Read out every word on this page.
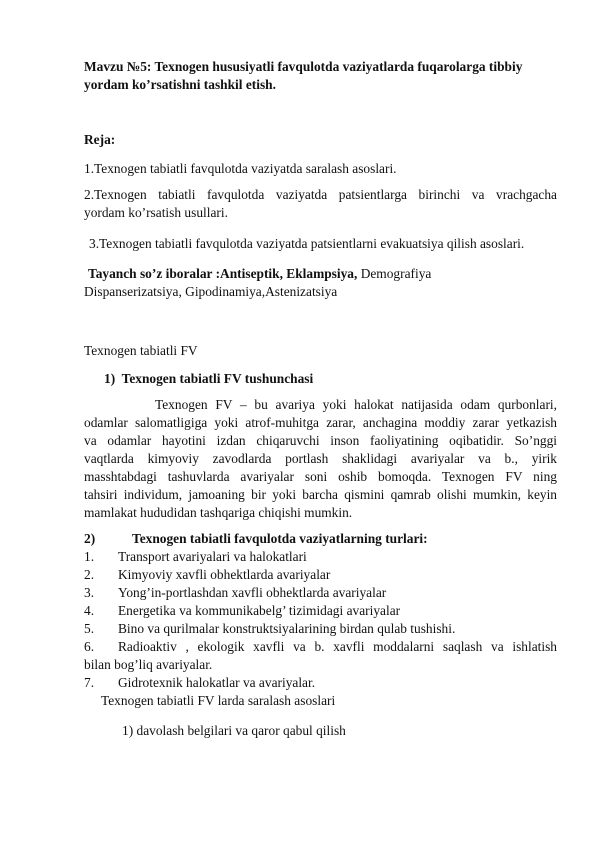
Mavzu №5: Texnogen hususiyatli favqulotda vaziyatlarda fuqarolarga tibbiy
yordam ko’rsatishni tashkil etish.
Reja:
1.Texnogen tabiatli favqulotda vaziyatda saralash asoslari.
2.Texnogen tabiatli favqulotda vaziyatda patsientlarga birinchi va vrachgacha
yordam ko’rsatish usullari.
3.Texnogen tabiatli favqulotda vaziyatda patsientlarni evakuatsiya qilish asoslari.
Tayanch so’z iboralar :Antiseptik, Eklampsiya, Demografiya
Dispanserizatsiya, Gipodinamiya,Astenizatsiya
Texnogen tabiatli FV
1) Texnogen tabiatli FV tushunchasi
Texnogen FV – bu avariya yoki halokat natijasida odam qurbonlari,
odamlar salomatligiga yoki atrof-muhitga zarar, anchagina moddiy zarar yetkazish
va odamlar hayotini izdan chiqaruvchi inson faoliyatining oqibatidir. So’nggi
vaqtlarda kimyoviy zavodlarda portlash shaklidagi avariyalar va b., yirik
masshtabdagi tashuvlarda avariyalar soni oshib bomoqda. Texnogen FV ning
tahsiri individum, jamoaning bir yoki barcha qismini qamrab olishi mumkin, keyin
mamlakat hududidan tashqariga chiqishi mumkin.
2)	Texnogen tabiatli favqulotda vaziyatlarning turlari:
1. Transport avariyalari va halokatlari
2. Kimyoviy xavfli obhektlarda avariyalar
3. Yong’in-portlashdan xavfli obhektlarda avariyalar
4. Energetika va kommunikabelg’ tizimidagi avariyalar
5. Bino va qurilmalar konstruktsiyalarining birdan qulab tushishi.
6. Radioaktiv , ekologik xavfli va b. xavfli moddalarni saqlash va ishlatish
bilan bog’liq avariyalar.
7. Gidrotexnik halokatlar va avariyalar.
Texnogen tabiatli FV larda saralash asoslari
1) davolash belgilari va qaror qabul qilish
